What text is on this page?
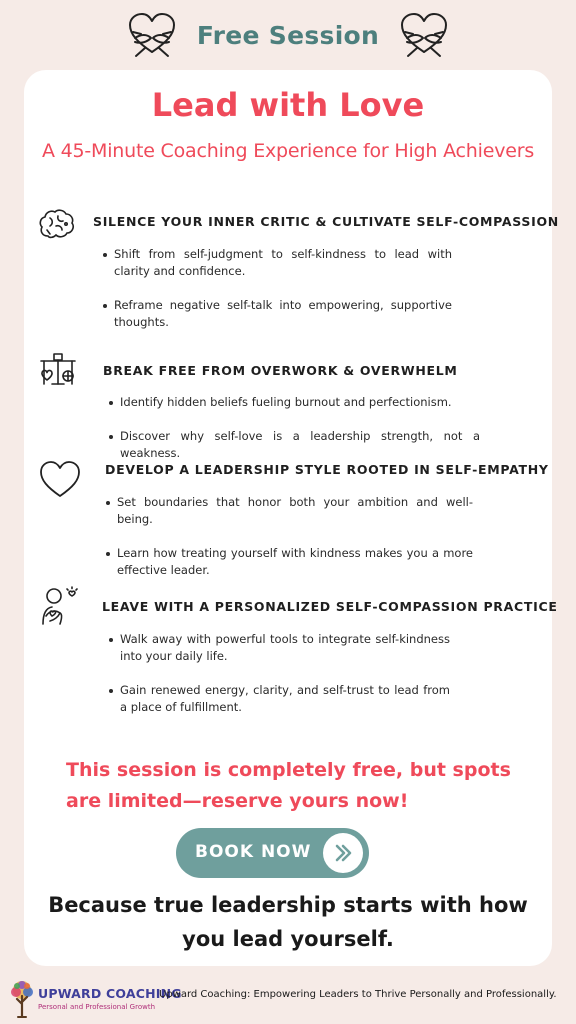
Free Session
Lead with Love
A 45-Minute Coaching Experience for High Achievers
SILENCE YOUR INNER CRITIC & CULTIVATE SELF-COMPASSION
Shift from self-judgment to self-kindness to lead with clarity and confidence.
Reframe negative self-talk into empowering, supportive thoughts.
BREAK FREE FROM OVERWORK & OVERWHELM
Identify hidden beliefs fueling burnout and perfectionism.
Discover why self-love is a leadership strength, not a weakness.
DEVELOP A LEADERSHIP STYLE ROOTED IN SELF-EMPATHY
Set boundaries that honor both your ambition and well-being.
Learn how treating yourself with kindness makes you a more effective leader.
LEAVE WITH A PERSONALIZED SELF-COMPASSION PRACTICE
Walk away with powerful tools to integrate self-kindness into your daily life.
Gain renewed energy, clarity, and self-trust to lead from a place of fulfillment.
This session is completely free, but spots are limited—reserve yours now!
BOOK NOW
Because true leadership starts with how you lead yourself.
UPWARD COACHING
Personal and Professional Growth
Upward Coaching: Empowering Leaders to Thrive Personally and Professionally.
